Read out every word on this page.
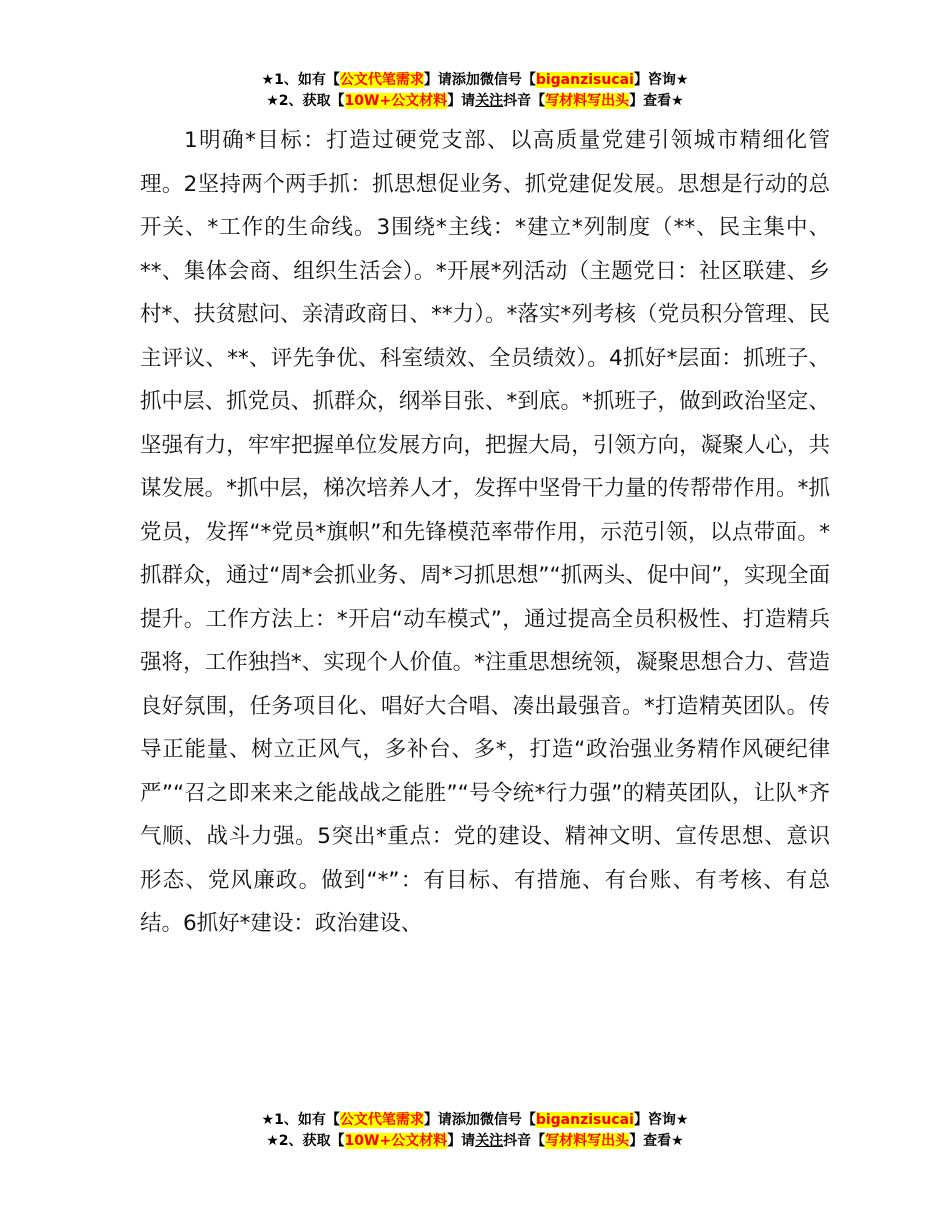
★1、如有【公文代笔需求】请添加微信号【biganzisucai】咨询★
★2、获取【10W+公文材料】请关注抖音【写材料写出头】查看★

1明确*目标：打造过硬党支部、以高质量党建引领城市精细化管理。2坚持两个两手抓：抓思想促业务、抓党建促发展。思想是行动的总开关、*工作的生命线。3围绕*主线：*建立*列制度（**、民主集中、**、集体会商、组织生活会）。*开展*列活动（主题党日：社区联建、乡村*、扶贫慰问、亲清政商日、**力）。*落实*列考核（党员积分管理、民主评议、**、评先争优、科室绩效、全员绩效）。4抓好*层面：抓班子、抓中层、抓党员、抓群众，纲举目张、*到底。*抓班子，做到政治坚定、坚强有力，牢牢把握单位发展方向，把握大局，引领方向，凝聚人心，共谋发展。*抓中层，梯次培养人才，发挥中坚骨干力量的传帮带作用。*抓党员，发挥“*党员*旗帜”和先锋模范率带作用，示范引领，以点带面。*抓群众，通过“周*会抓业务、周*习抓思想”“抓两头、促中间”，实现全面提升。工作方法上：*开启“动车模式”，通过提高全员积极性、打造精兵强将，工作独挡*、实现个人价值。*注重思想统领，凝聚思想合力、营造良好氛围，任务项目化、唱好大合唱、凑出最强音。*打造精英团队。传导正能量、树立正风气，多补台、多*，打造“政治强业务精作风硬纪律严”“召之即来来之能战战之能胜”“号令统*行力强”的精英团队，让队*齐气顺、战斗力强。5突出*重点：党的建设、精神文明、宣传思想、意识形态、党风廉政。做到“*”：有目标、有措施、有台账、有考核、有总结。6抓好*建设：政治建设、

★1、如有【公文代笔需求】请添加微信号【biganzisucai】咨询★
★2、获取【10W+公文材料】请关注抖音【写材料写出头】查看★
